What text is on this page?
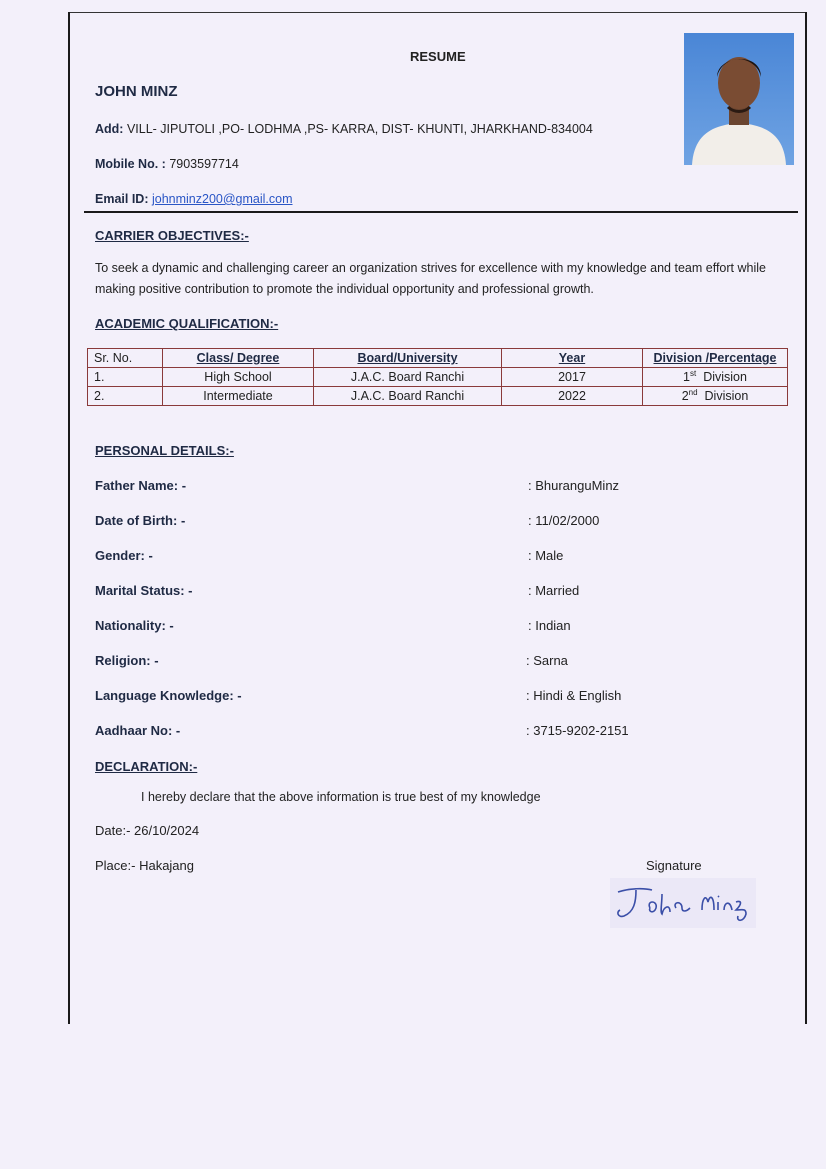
RESUME
JOHN MINZ
Add: VILL- JIPUTOLI ,PO- LODHMA ,PS- KARRA, DIST- KHUNTI, JHARKHAND-834004
Mobile No. : 7903597714
Email ID: johnminz200@gmail.com
CARRIER OBJECTIVES:-
To seek a dynamic and challenging career an organization strives for excellence with my knowledge and team effort while making positive contribution to promote the individual opportunity and professional growth.
ACADEMIC QUALIFICATION:-
Sr. No.	Class/ Degree	Board/University	Year	Division /Percentage
1.	High School	J.A.C. Board Ranchi	2017	1st Division
2.	Intermediate	J.A.C. Board Ranchi	2022	2nd Division
PERSONAL DETAILS:-
Father Name: -	: BhuranguMinz
Date of Birth: -	: 11/02/2000
Gender: -	: Male
Marital Status: -	: Married
Nationality: -	: Indian
Religion: -	: Sarna
Language Knowledge: -	: Hindi & English
Aadhaar No: -	: 3715-9202-2151
DECLARATION:-
I hereby declare that the above information is true best of my knowledge
Date:- 26/10/2024
Place:- Hakajang	Signature
